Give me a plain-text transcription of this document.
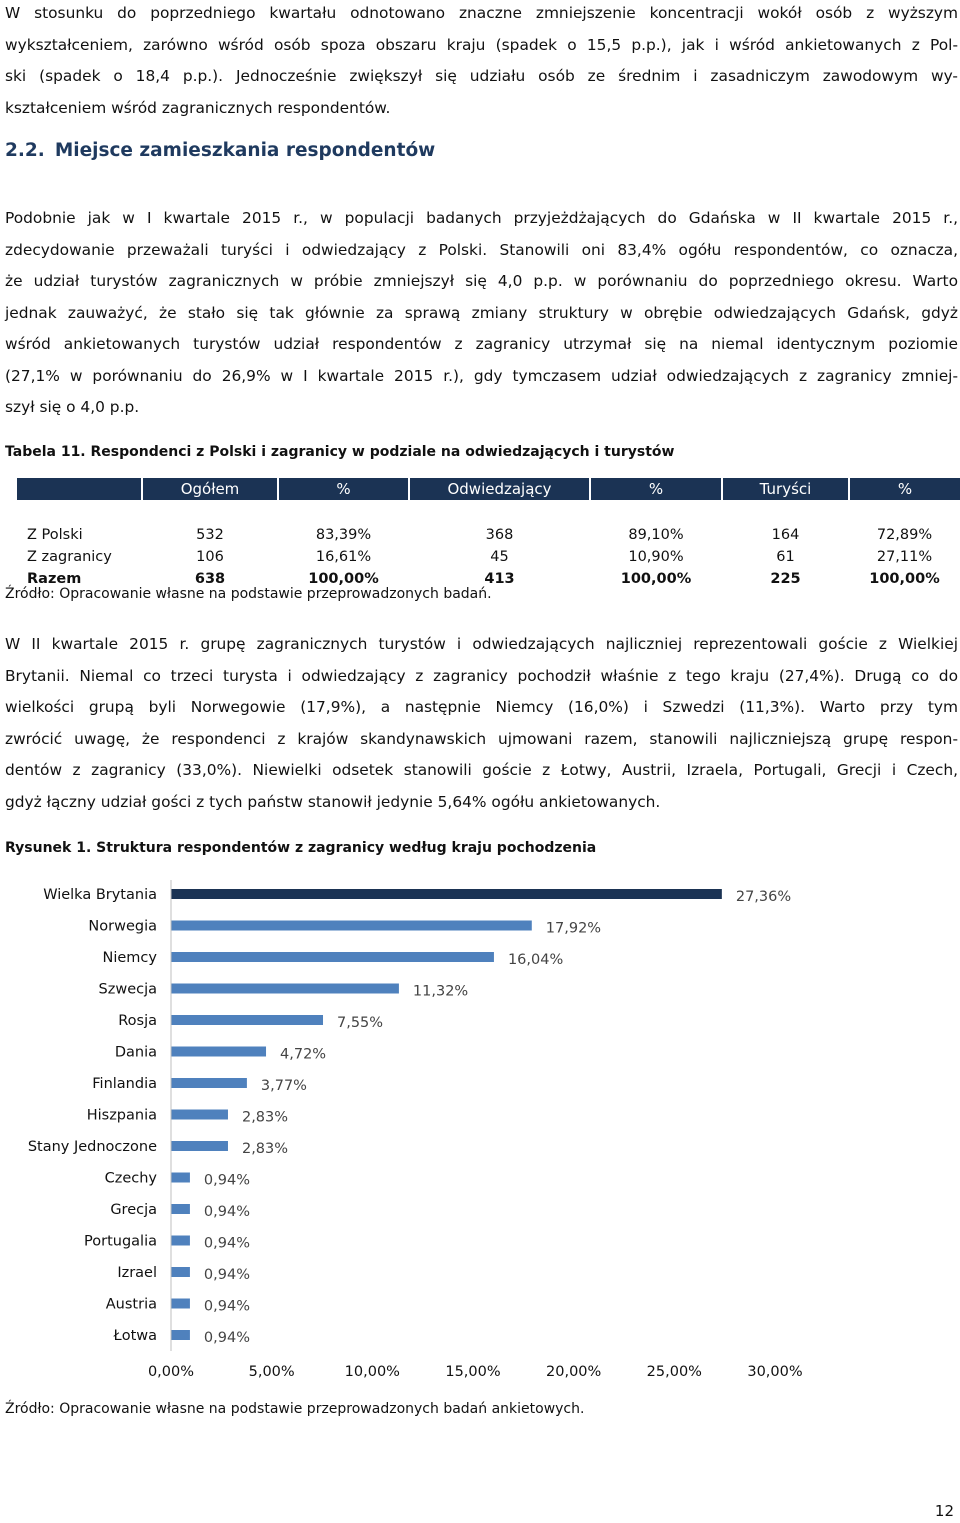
W stosunku do poprzedniego kwartału odnotowano znaczne zmniejszenie koncentracji wokół osób z wyższym
wykształceniem, zarówno wśród osób spoza obszaru kraju (spadek o 15,5 p.p.), jak i wśród ankietowanych z Pol-
ski (spadek o 18,4 p.p.). Jednocześnie zwiększył się udziału osób ze średnim i zasadniczym zawodowym wy-
kształceniem wśród zagranicznych respondentów.
2.2. Miejsce zamieszkania respondentów
Podobnie jak w I kwartale 2015 r., w populacji badanych przyjeżdżających do Gdańska w II kwartale 2015 r.,
zdecydowanie przeważali turyści i odwiedzający z Polski. Stanowili oni 83,4% ogółu respondentów, co oznacza,
że udział turystów zagranicznych w próbie zmniejszył się 4,0 p.p. w porównaniu do poprzedniego okresu. Warto
jednak zauważyć, że stało się tak głównie za sprawą zmiany struktury w obrębie odwiedzających Gdańsk, gdyż
wśród ankietowanych turystów udział respondentów z zagranicy utrzymał się na niemal identycznym poziomie
(27,1% w porównaniu do 26,9% w I kwartale 2015 r.), gdy tymczasem udział odwiedzających z zagranicy zmniej-
szył się o 4,0 p.p.
Tabela 11. Respondenci z Polski i zagranicy w podziale na odwiedzających i turystów
	Ogółem	%	Odwiedzający	%	Turyści	%

Z Polski	532	83,39%	368	89,10%	164	72,89%
Z zagranicy	106	16,61%	45	10,90%	61	27,11%
Razem	638	100,00%	413	100,00%	225	100,00%
Źródło: Opracowanie własne na podstawie przeprowadzonych badań.
W II kwartale 2015 r. grupę zagranicznych turystów i odwiedzających najliczniej reprezentowali goście z Wielkiej
Brytanii. Niemal co trzeci turysta i odwiedzający z zagranicy pochodził właśnie z tego kraju (27,4%). Drugą co do
wielkości grupą byli Norwegowie (17,9%), a następnie Niemcy (16,0%) i Szwedzi (11,3%). Warto przy tym
zwrócić uwagę, że respondenci z krajów skandynawskich ujmowani razem, stanowili najliczniejszą grupę respon-
dentów z zagranicy (33,0%). Niewielki odsetek stanowili goście z Łotwy, Austrii, Izraela, Portugali, Grecji i Czech,
gdyż łączny udział gości z tych państw stanowił jedynie 5,64% ogółu ankietowanych.
Rysunek 1. Struktura respondentów z zagranicy według kraju pochodzenia
Wielka Brytania	27,36%
Norwegia	17,92%
Niemcy	16,04%
Szwecja	11,32%
Rosja	7,55%
Dania	4,72%
Finlandia	3,77%
Hiszpania	2,83%
Stany Jednoczone	2,83%
Czechy	0,94%
Grecja	0,94%
Portugalia	0,94%
Izrael	0,94%
Austria	0,94%
Łotwa	0,94%
0,00%	5,00%	10,00%	15,00%	20,00%	25,00%	30,00%
Źródło: Opracowanie własne na podstawie przeprowadzonych badań ankietowych.
12
